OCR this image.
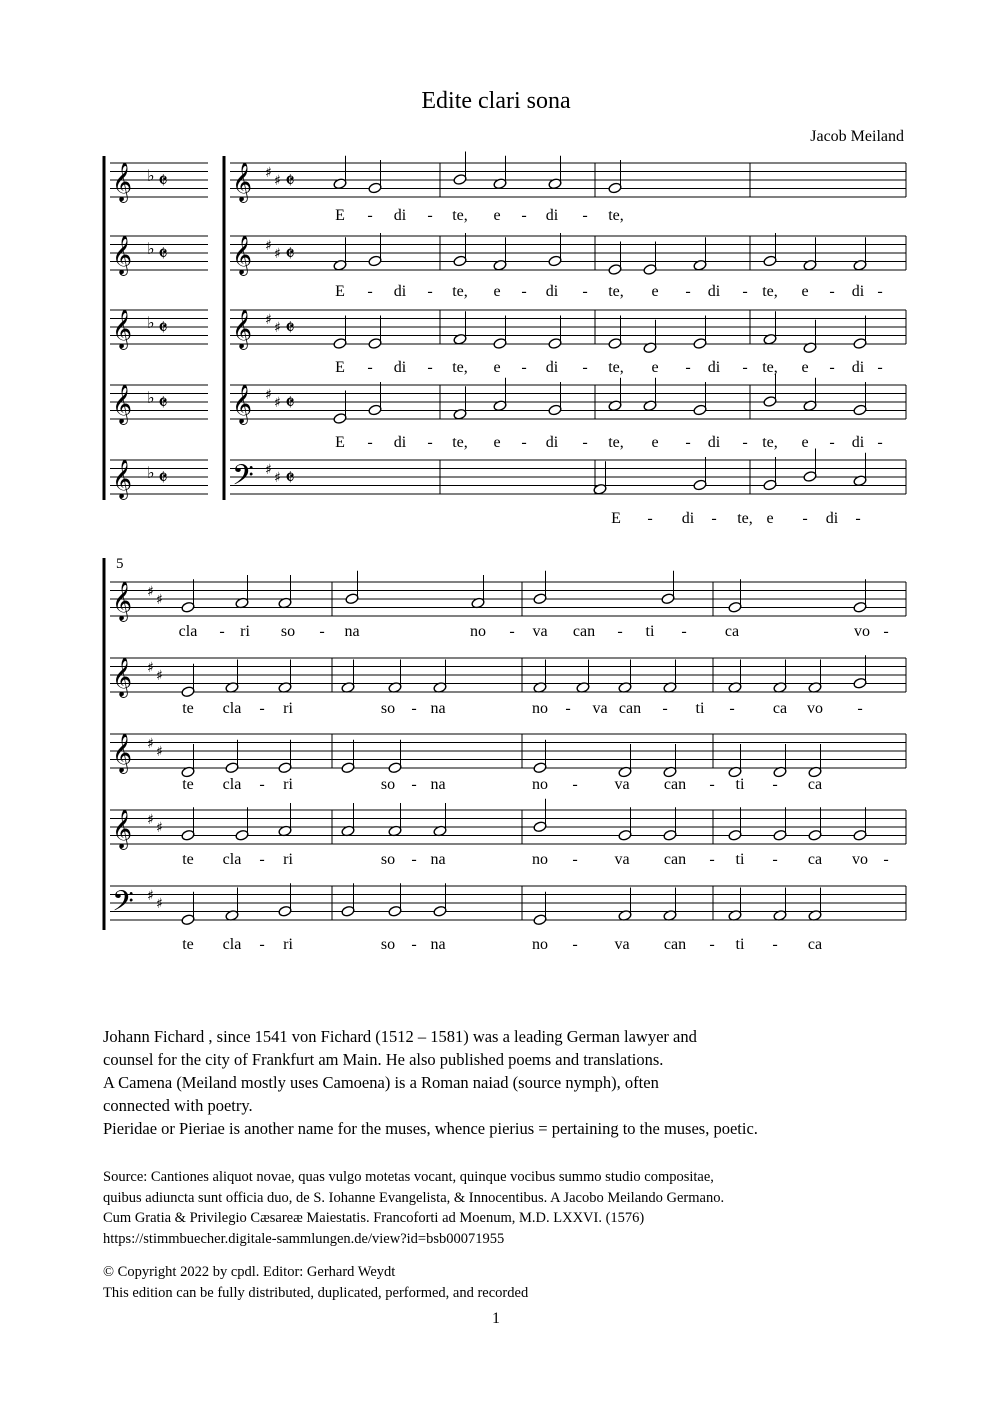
Edite clari sona
Jacob Meiland
𝄞	𝄞
♭	♯ ♯
𝄵	𝄵
𝄞	𝄞
♭	♯ ♯
𝄵	𝄵
𝄞	𝄞
♭	♯ ♯
𝄵	𝄵
𝄞	𝄞
♭	♯ ♯
𝄵	𝄵
𝄞	𝄢
♭	♯ ♯
𝄵	𝄵
𝄞 ♯ ♯
𝄞 ♯ ♯
𝄞 ♯ ♯
𝄞 ♯ ♯
𝄢 ♯ ♯
E - di - te, e - di - te,
E - di - te, e - di - te, e - di - te, e - di -
E - di - te, e - di - te, e - di - te, e - di -
E - di - te, e - di - te, e - di - te, e - di -
E - di - te, e - di -
cla - ri so - na	no - va can - ti - ca	vo -
te cla - ri	so - na	no - va can - ti - ca vo -
te cla - ri	so - na	no - va can - ti - ca
te cla - ri	so - na	no - va can - ti - ca vo -
te cla - ri	so - na	no - va can - ti - ca
5
Johann Fichard , since 1541 von Fichard (1512 – 1581) was a leading German lawyer and
counsel for the city of Frankfurt am Main. He also published poems and translations.
A Camena (Meiland mostly uses Camoena) is a Roman naiad (source nymph), often
connected with poetry.
Pieridae or Pieriae is another name for the muses, whence pierius = pertaining to the muses, poetic.
Source: Cantiones aliquot novae, quas vulgo motetas vocant, quinque vocibus summo studio compositae,
quibus adiuncta sunt officia duo, de S. Iohanne Evangelista, & Innocentibus. A Jacobo Meilando Germano.
Cum Gratia & Privilegio Cæsareæ Maiestatis. Francoforti ad Moenum, M.D. LXXVI. (1576)
https://stimmbuecher.digitale-sammlungen.de/view?id=bsb00071955
© Copyright 2022 by cpdl. Editor: Gerhard Weydt
This edition can be fully distributed, duplicated, performed, and recorded
1
